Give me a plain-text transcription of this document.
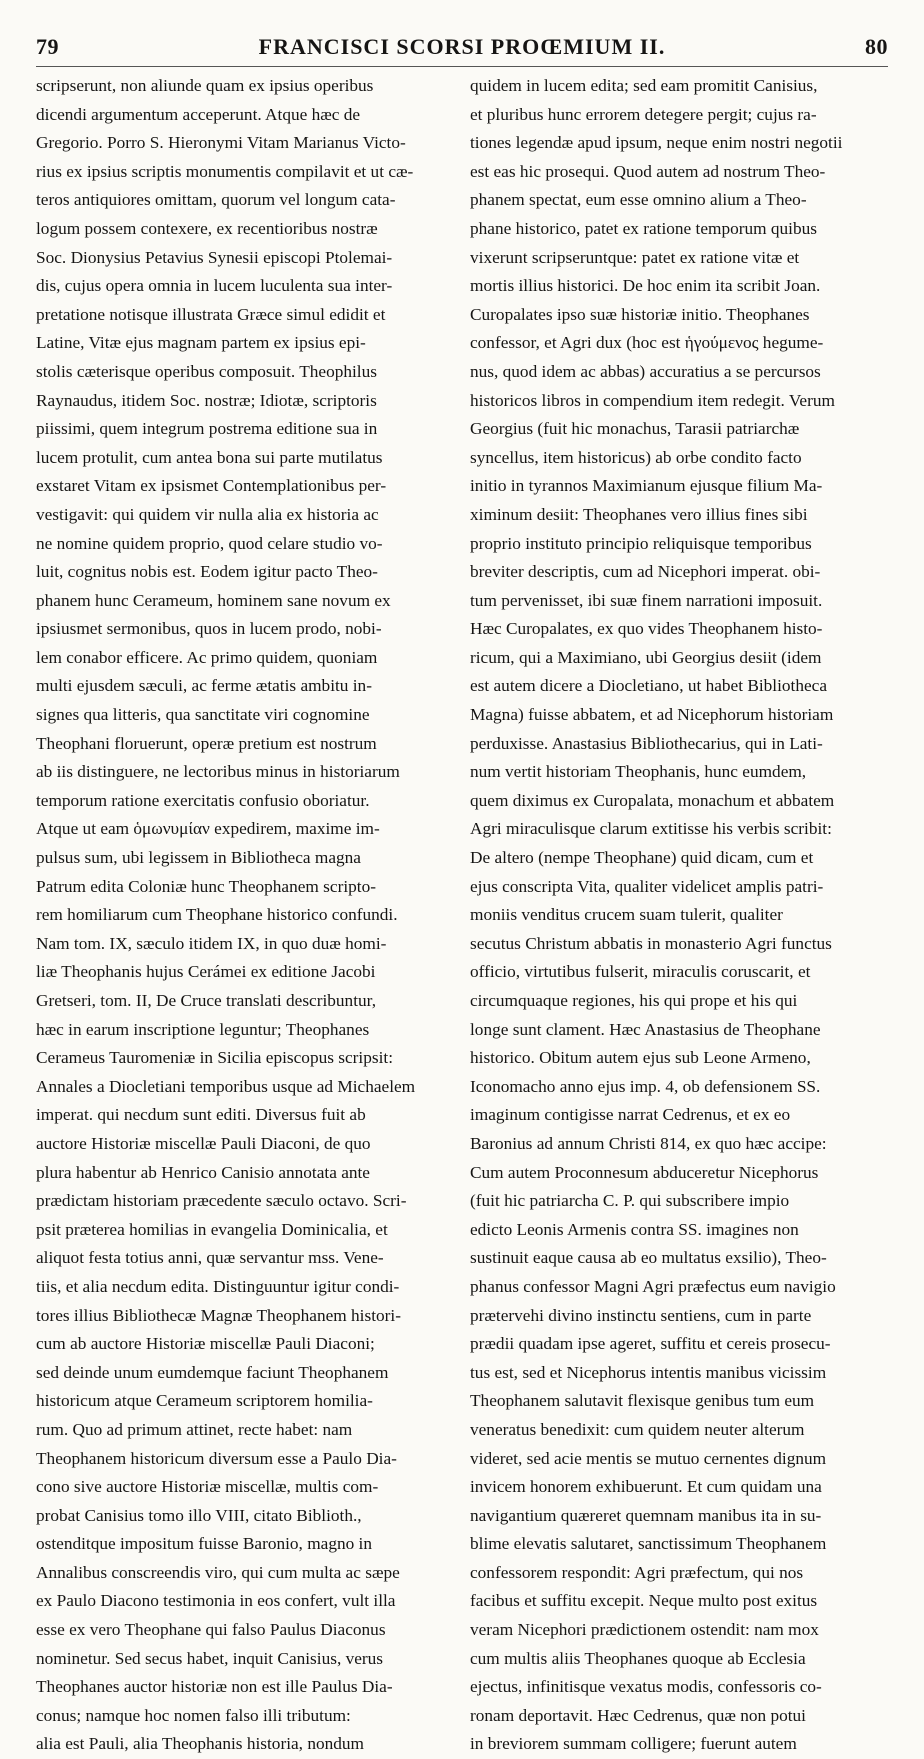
79	FRANCISCI SCORSI PROŒMIUM II.	80
scripserunt, non aliunde quam ex ipsius operibus
dicendi argumentum acceperunt. Atque hæc de
Gregorio. Porro S. Hieronymi Vitam Marianus Victo-
rius ex ipsius scriptis monumentis compilavit et ut cæ-
teros antiquiores omittam, quorum vel longum cata-
logum possem contexere, ex recentioribus nostræ
Soc. Dionysius Petavius Synesii episcopi Ptolemai-
dis, cujus opera omnia in lucem luculenta sua inter-
pretatione notisque illustrata Græce simul edidit et
Latine, Vitæ ejus magnam partem ex ipsius epi-
stolis cæterisque operibus composuit. Theophilus
Raynaudus, itidem Soc. nostræ; Idiotæ, scriptoris
piissimi, quem integrum postrema editione sua in
lucem protulit, cum antea bona sui parte mutilatus
exstaret Vitam ex ipsismet Contemplationibus per-
vestigavit: qui quidem vir nulla alia ex historia ac
ne nomine quidem proprio, quod celare studio vo-
luit, cognitus nobis est. Eodem igitur pacto Theo-
phanem hunc Cerameum, hominem sane novum ex
ipsiusmet sermonibus, quos in lucem prodo, nobi-
lem conabor efficere. Ac primo quidem, quoniam
multi ejusdem sæculi, ac ferme ætatis ambitu in-
signes qua litteris, qua sanctitate viri cognomine
Theophani floruerunt, operæ pretium est nostrum
ab iis distinguere, ne lectoribus minus in historiarum
temporum ratione exercitatis confusio oboriatur.
Atque ut eam ὁμωνυμίαν expedirem, maxime im-
pulsus sum, ubi legissem in Bibliotheca magna
Patrum edita Coloniæ hunc Theophanem scripto-
rem homiliarum cum Theophane historico confundi.
Nam tom. IX, sæculo itidem IX, in quo duæ homi-
liæ Theophanis hujus Cerámei ex editione Jacobi
Gretseri, tom. II, De Cruce translati describuntur,
hæc in earum inscriptione leguntur; Theophanes
Cerameus Tauromeniæ in Sicilia episcopus scripsit:
Annales a Diocletiani temporibus usque ad Michaelem
imperat. qui necdum sunt editi. Diversus fuit ab
auctore Historiæ miscellæ Pauli Diaconi, de quo
plura habentur ab Henrico Canisio annotata ante
prædictam historiam præcedente sæculo octavo. Scri-
psit præterea homilias in evangelia Dominicalia, et
aliquot festa totius anni, quæ servantur mss. Vene-
tiis, et alia necdum edita. Distinguuntur igitur condi-
tores illius Bibliothecæ Magnæ Theophanem histori-
cum ab auctore Historiæ miscellæ Pauli Diaconi;
sed deinde unum eumdemque faciunt Theophanem
historicum atque Cerameum scriptorem homilia-
rum. Quo ad primum attinet, recte habet: nam
Theophanem historicum diversum esse a Paulo Dia-
cono sive auctore Historiæ miscellæ, multis com-
probat Canisius tomo illo VIII, citato Biblioth.,
ostenditque impositum fuisse Baronio, magno in
Annalibus conscreendis viro, qui cum multa ac sæpe
ex Paulo Diacono testimonia in eos confert, vult illa
esse ex vero Theophane qui falso Paulus Diaconus
nominetur. Sed secus habet, inquit Canisius, verus
Theophanes auctor historiæ non est ille Paulus Dia-
conus; namque hoc nomen falso illi tributum:
alia est Pauli, alia Theophanis historia, nondum
quidem in lucem edita; sed eam promitit Canisius,
et pluribus hunc errorem detegere pergit; cujus ra-
tiones legendæ apud ipsum, neque enim nostri negotii
est eas hic prosequi. Quod autem ad nostrum Theo-
phanem spectat, eum esse omnino alium a Theo-
phane historico, patet ex ratione temporum quibus
vixerunt scripseruntque: patet ex ratione vitæ et
mortis illius historici. De hoc enim ita scribit Joan.
Curopalates ipso suæ historiæ initio. Theophanes
confessor, et Agri dux (hoc est ἡγούμενος hegume-
nus, quod idem ac abbas) accuratius a se percursos
historicos libros in compendium item redegit. Verum
Georgius (fuit hic monachus, Tarasii patriarchæ
syncellus, item historicus) ab orbe condito facto
initio in tyrannos Maximianum ejusque filium Ma-
ximinum desiit: Theophanes vero illius fines sibi
proprio instituto principio reliquisque temporibus
breviter descriptis, cum ad Nicephori imperat. obi-
tum pervenisset, ibi suæ finem narrationi imposuit.
Hæc Curopalates, ex quo vides Theophanem histo-
ricum, qui a Maximiano, ubi Georgius desiit (idem
est autem dicere a Diocletiano, ut habet Bibliotheca
Magna) fuisse abbatem, et ad Nicephorum historiam
perduxisse. Anastasius Bibliothecarius, qui in Lati-
num vertit historiam Theophanis, hunc eumdem,
quem diximus ex Curopalata, monachum et abbatem
Agri miraculisque clarum extitisse his verbis scribit:
De altero (nempe Theophane) quid dicam, cum et
ejus conscripta Vita, qualiter videlicet amplis patri-
moniis venditus crucem suam tulerit, qualiter
secutus Christum abbatis in monasterio Agri functus
officio, virtutibus fulserit, miraculis coruscarit, et
circumquaque regiones, his qui prope et his qui
longe sunt clament. Hæc Anastasius de Theophane
historico. Obitum autem ejus sub Leone Armeno,
Iconomacho anno ejus imp. 4, ob defensionem SS.
imaginum contigisse narrat Cedrenus, et ex eo
Baronius ad annum Christi 814, ex quo hæc accipe:
Cum autem Proconnesum abduceretur Nicephorus
(fuit hic patriarcha C. P. qui subscribere impio
edicto Leonis Armenis contra SS. imagines non
sustinuit eaque causa ab eo multatus exsilio), Theo-
phanus confessor Magni Agri præfectus eum navigio
prætervehi divino instinctu sentiens, cum in parte
prædii quadam ipse ageret, suffitu et cereis prosecu-
tus est, sed et Nicephorus intentis manibus vicissim
Theophanem salutavit flexisque genibus tum eum
veneratus benedixit: cum quidem neuter alterum
videret, sed acie mentis se mutuo cernentes dignum
invicem honorem exhibuerunt. Et cum quidam una
navigantium quæreret quemnam manibus ita in su-
blime elevatis salutaret, sanctissimum Theophanem
confessorem respondit: Agri præfectum, qui nos
facibus et suffitu excepit. Neque multo post exitus
veram Nicephori prædictionem ostendit: nam mox
cum multis aliis Theophanes quoque ab Ecclesia
ejectus, infinitisque vexatus modis, confessoris co-
ronam deportavit. Hæc Cedrenus, quæ non potui
in breviorem summam colligere; fuerunt autem
